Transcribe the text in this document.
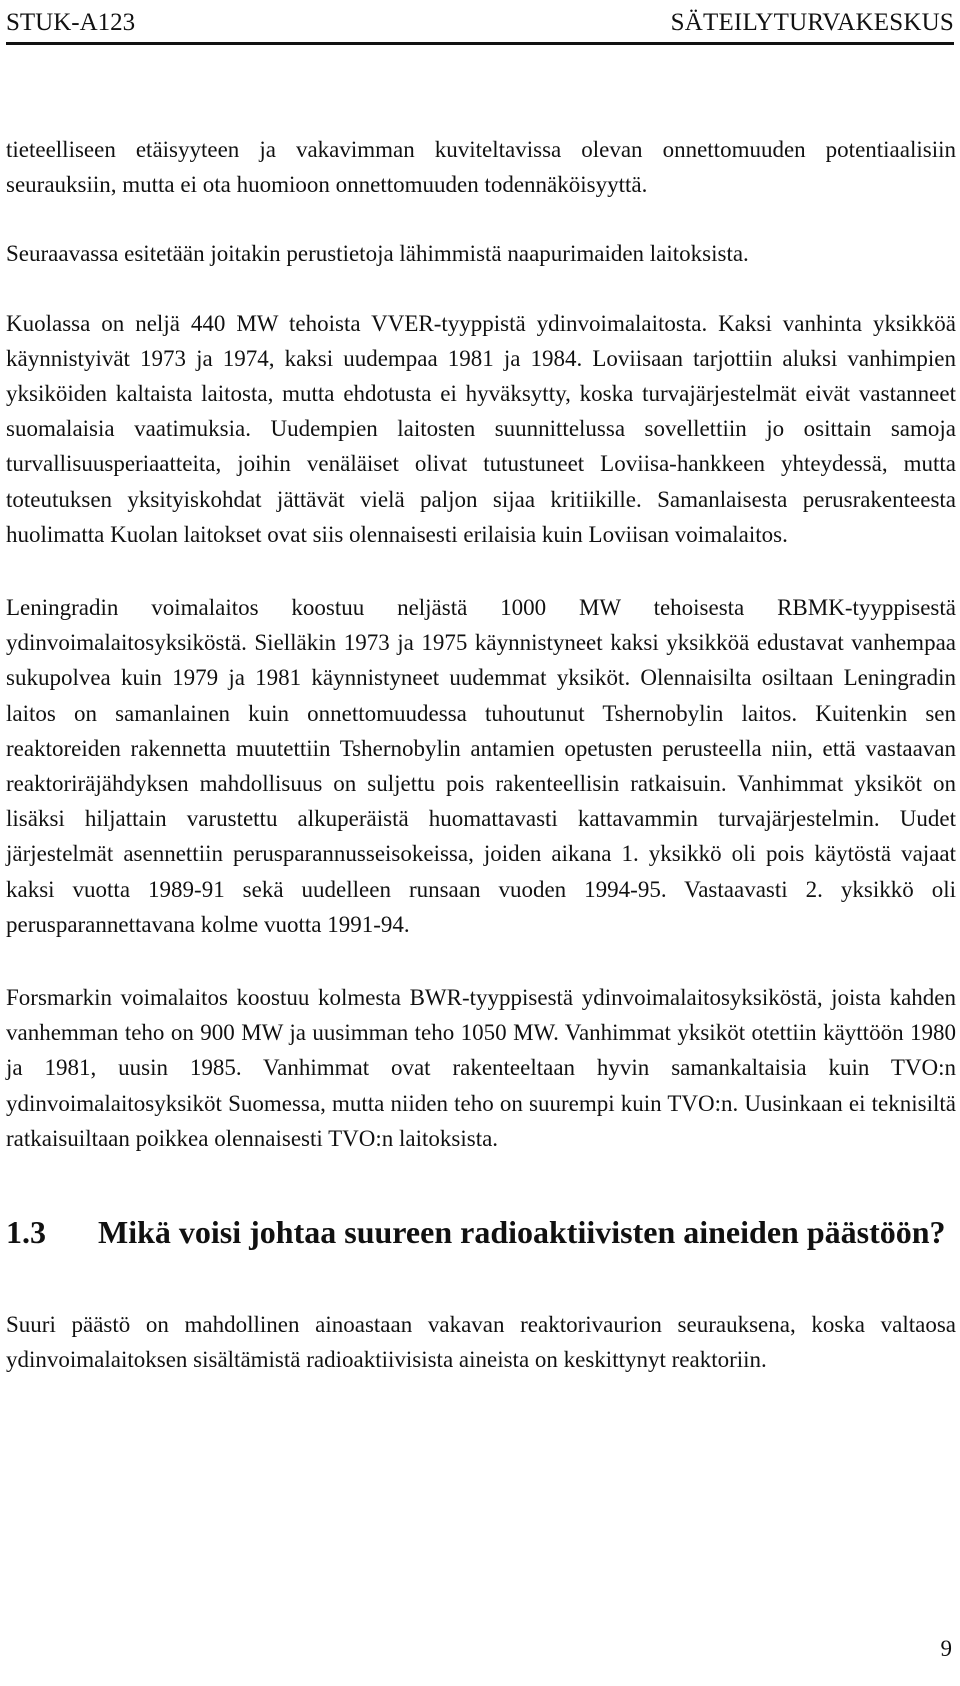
STUK-A123	SÄTEILYTURVAKESKUS

tieteelliseen etäisyyteen ja vakavimman kuviteltavissa olevan onnettomuuden potentiaalisiin seurauksiin, mutta ei ota huomioon onnettomuuden todennäköisyyttä.

Seuraavassa esitetään joitakin perustietoja lähimmistä naapurimaiden laitoksista.

Kuolassa on neljä 440 MW tehoista VVER-tyyppistä ydinvoimalaitosta. Kaksi vanhinta yksikköä käynnistyivät 1973 ja 1974, kaksi uudempaa 1981 ja 1984. Loviisaan tarjottiin aluksi vanhimpien yksiköiden kaltaista laitosta, mutta ehdotusta ei hyväksytty, koska turvajärjestelmät eivät vastanneet suomalaisia vaatimuksia. Uudempien laitosten suunnittelussa sovellettiin jo osittain samoja turvallisuusperiaatteita, joihin venäläiset olivat tutustuneet Loviisa-hankkeen yhteydessä, mutta toteutuksen yksityiskohdat jättävät vielä paljon sijaa kritiikille. Samanlaisesta perusrakenteesta huolimatta Kuolan laitokset ovat siis olennaisesti erilaisia kuin Loviisan voimalaitos.

Leningradin voimalaitos koostuu neljästä 1000 MW tehoisesta RBMK-tyyppisestä ydinvoimalaitosyksiköstä. Sielläkin 1973 ja 1975 käynnistyneet kaksi yksikköä edustavat vanhempaa sukupolvea kuin 1979 ja 1981 käynnistyneet uudemmat yksiköt. Olennaisilta osiltaan Leningradin laitos on samanlainen kuin onnettomuudessa tuhoutunut Tshernobylin laitos. Kuitenkin sen reaktoreiden rakennetta muutettiin Tshernobylin antamien opetusten perusteella niin, että vastaavan reaktoriräjähdyksen mahdollisuus on suljettu pois rakenteellisin ratkaisuin. Vanhimmat yksiköt on lisäksi hiljattain varustettu alkuperäistä huomattavasti kattavammin turvajärjestelmin. Uudet järjestelmät asennettiin perusparannusseisokeissa, joiden aikana 1. yksikkö oli pois käytöstä vajaat kaksi vuotta 1989-91 sekä uudelleen runsaan vuoden 1994-95. Vastaavasti 2. yksikkö oli perusparannettavana kolme vuotta 1991-94.

Forsmarkin voimalaitos koostuu kolmesta BWR-tyyppisestä ydinvoimalaitosyksiköstä, joista kahden vanhemman teho on 900 MW ja uusimman teho 1050 MW. Vanhimmat yksiköt otettiin käyttöön 1980 ja 1981, uusin 1985. Vanhimmat ovat rakenteeltaan hyvin samankaltaisia kuin TVO:n ydinvoimalaitosyksiköt Suomessa, mutta niiden teho on suurempi kuin TVO:n. Uusinkaan ei teknisiltä ratkaisuiltaan poikkea olennaisesti TVO:n laitoksista.

1.3	Mikä voisi johtaa suureen radioaktiivisten aineiden päästöön?

Suuri päästö on mahdollinen ainoastaan vakavan reaktorivaurion seurauksena, koska valtaosa ydinvoimalaitoksen sisältämistä radioaktiivisista aineista on keskittynyt reaktoriin.

9
